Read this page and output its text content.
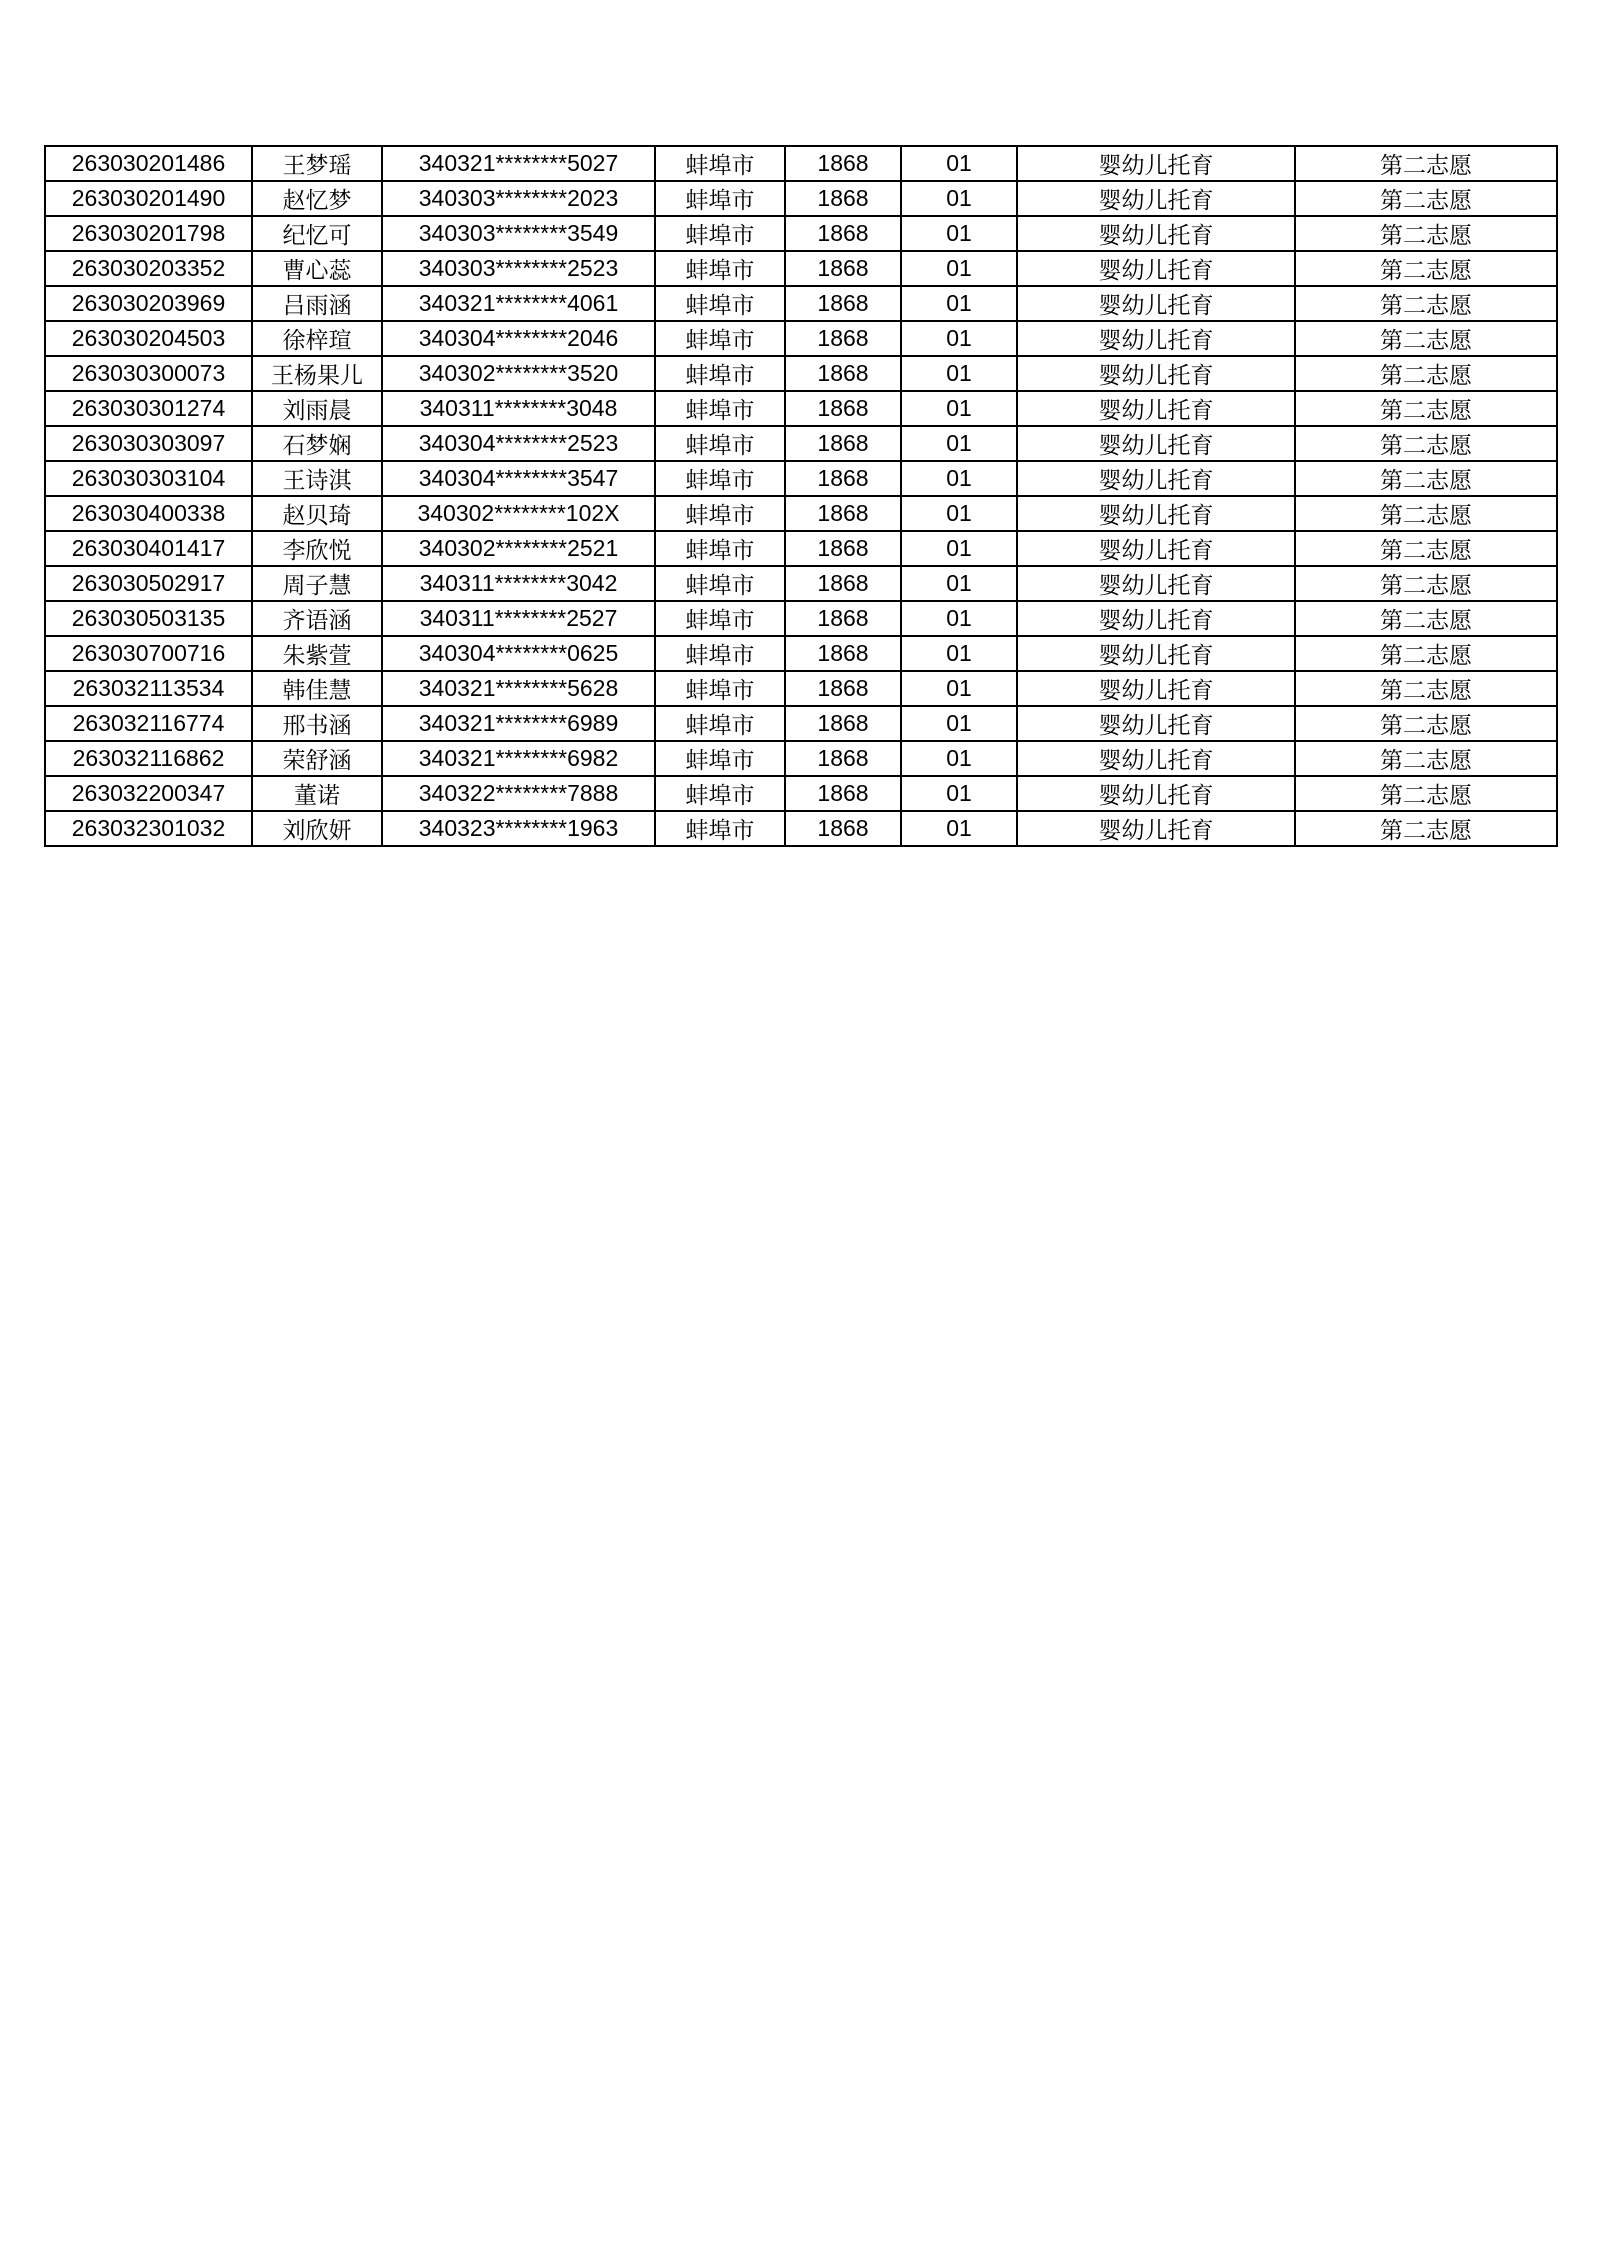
263030201486	王梦瑶	340321********5027	蚌埠市	1868	01	婴幼儿托育	第二志愿
263030201490	赵忆梦	340303********2023	蚌埠市	1868	01	婴幼儿托育	第二志愿
263030201798	纪忆可	340303********3549	蚌埠市	1868	01	婴幼儿托育	第二志愿
263030203352	曹心蕊	340303********2523	蚌埠市	1868	01	婴幼儿托育	第二志愿
263030203969	吕雨涵	340321********4061	蚌埠市	1868	01	婴幼儿托育	第二志愿
263030204503	徐梓瑄	340304********2046	蚌埠市	1868	01	婴幼儿托育	第二志愿
263030300073	王杨果儿	340302********3520	蚌埠市	1868	01	婴幼儿托育	第二志愿
263030301274	刘雨晨	340311********3048	蚌埠市	1868	01	婴幼儿托育	第二志愿
263030303097	石梦娴	340304********2523	蚌埠市	1868	01	婴幼儿托育	第二志愿
263030303104	王诗淇	340304********3547	蚌埠市	1868	01	婴幼儿托育	第二志愿
263030400338	赵贝琦	340302********102X	蚌埠市	1868	01	婴幼儿托育	第二志愿
263030401417	李欣悦	340302********2521	蚌埠市	1868	01	婴幼儿托育	第二志愿
263030502917	周子慧	340311********3042	蚌埠市	1868	01	婴幼儿托育	第二志愿
263030503135	齐语涵	340311********2527	蚌埠市	1868	01	婴幼儿托育	第二志愿
263030700716	朱紫萱	340304********0625	蚌埠市	1868	01	婴幼儿托育	第二志愿
263032113534	韩佳慧	340321********5628	蚌埠市	1868	01	婴幼儿托育	第二志愿
263032116774	邢书涵	340321********6989	蚌埠市	1868	01	婴幼儿托育	第二志愿
263032116862	荣舒涵	340321********6982	蚌埠市	1868	01	婴幼儿托育	第二志愿
263032200347	董诺	340322********7888	蚌埠市	1868	01	婴幼儿托育	第二志愿
263032301032	刘欣妍	340323********1963	蚌埠市	1868	01	婴幼儿托育	第二志愿
